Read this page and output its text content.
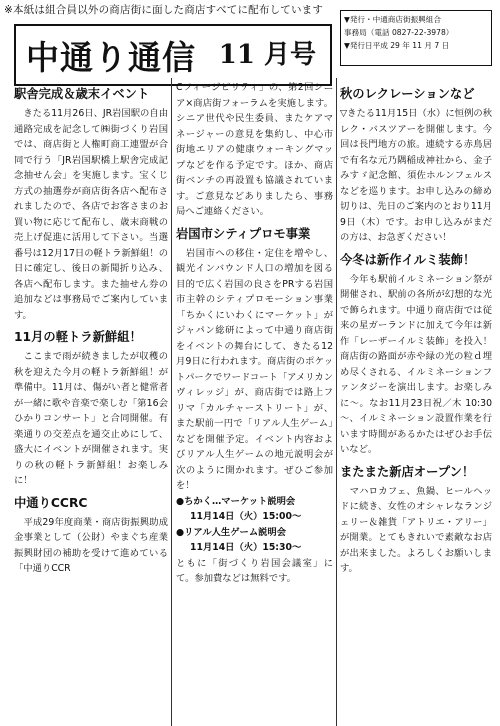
※本紙は組合員以外の商店街に面した商店すべてに配布しています
中通り通信 11 月号
▼発行・中通商店街振興組合
事務局（電話 0827-22-3978）
▼発行日平成 29 年 11 月 7 日
駅舎完成＆歳末イベント
　きたる11月26日、JR岩国駅の自由通路完成を記念して㈱街づくり岩国では、商店街と人権町商工連盟が合同で行う「JR岩国駅橋上駅舎完成記念抽せん会」を実施します。宝くじ方式の抽選券が商店街各店へ配布されましたので、各店でお客さまのお買い物に応じて配布し、歳末商戦の売上げ促進に活用して下さい。当選番号は12月17日の軽トラ新鮮組！の日に確定し、後日の新聞折り込み、各店へ配布します。また抽せん券の追加などは事務局でご案内しています。
11月の軽トラ新鮮組！
　ここまで雨が続きましたが収穫の秋を迎えた今月の軽トラ新鮮組！が準備中。11月は、傷がい者と健常者が一緒に歌や音楽で楽しむ「第16会ひかりコンサート」と合同開催。有楽通りの交差点を通交止めにして、盛大にイベントが開催されます。実りの秋の軽トラ新鮮組！お楽しみに！
中通りCCRC
　平成29年度商業・商店街振興助成金事業として（公財）やまぐち産業振興財団の補助を受けて進めている「中通りCCR
Cフィージビリティ」の、第2回シニア×商店街フォーラムを実施します。シニア世代や民生委員、またケアマネージャーの意見を集約し、中心市街地エリアの健康ウォーキングマップなどを作る予定です。ほか、商店街ベンチの再設置も協議されています。ご意見などありましたら、事務局へご連絡ください。
岩国市シティプロモ事業
　岩国市への移住・定住を増やし、観光インバウンド人口の増加を図る目的で広く岩国の良さをPRする岩国市主幹のシティプロモーション事業「ちかくにいわくにマーケット」がジャパン総研によって中通り商店街をイベントの舞台にして、きたる12月9日に行われます。商店街のポケットパークでワードコート「アメリカンヴィレッジ」が、商店街では路上フリマ「カルチャーストリート」が、また駅前一円で「リアル人生ゲーム」などを開催予定。イベント内容およびリアル人生ゲームの地元説明会が次のように開かれます。ぜひご参加を！
●ちかく…マーケット説明会
11月14日（火）15:00～
●リアル人生ゲーム説明会
11月14日（火）15:30～
ともに「街づくり岩国会議室」にて。参加費などは無料です。
秋のレクレーションなど
▽きたる11月15日（水）に恒例の秋レク・バスツアーを開催します。今回は長門地方の旅。連続する赤鳥居で有名な元乃隅稲成神社から、金子みすゞ記念館、須佐ホルンフェルスなどを巡ります。お申し込みの締め切りは、先日のご案内のとおり11月9日（木）です。お申し込みがまだの方は、お急ぎください！
今冬は新作イルミ装飾！
　今年も駅前イルミネーション祭が開催され、駅前の各所が幻想的な光で飾られます。中通り商店街では従来の星ガーランドに加えて今年は新作「レーザーイルミ装飾」を投入！商店街の路面が赤や緑の光の粒ｄ埋め尽くされる、イルミネーションファンタジーを演出します。お楽しみに～。なお11月23日祝／木 10:30～、イルミネーション設置作業を行います時間があるかたはぜひお手伝いなど。
またまた新店オープン！
　マハロカフェ、魚鍋、ヒールヘッドに続き、女性のオシャレなランジェリー＆雑貨「アトリエ・アリー」が開業。とてもきれいで素敵なお店が出来ました。よろしくお願いします。
